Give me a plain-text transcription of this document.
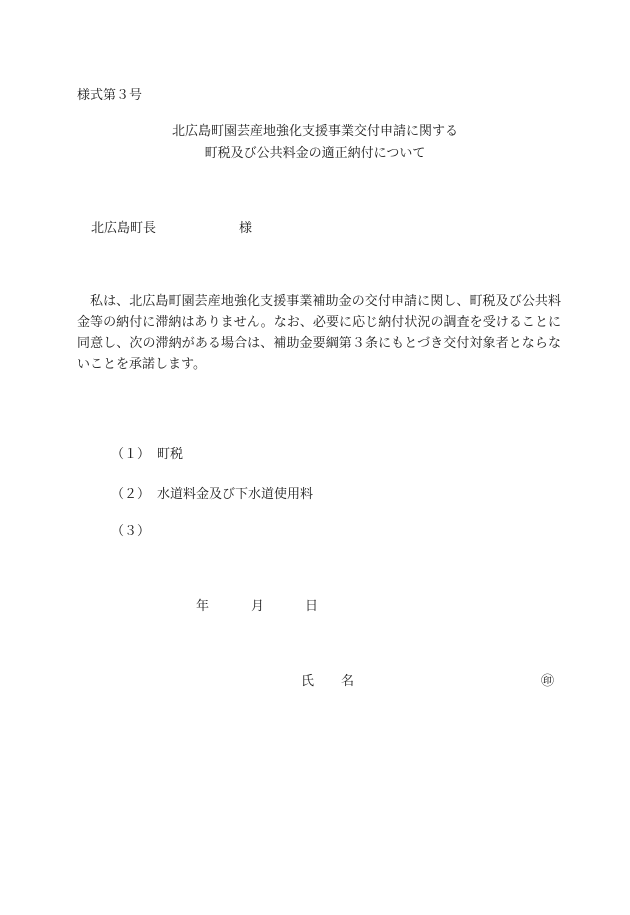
様式第３号
北広島町園芸産地強化支援事業交付申請に関する
町税及び公共料金の適正納付について
北広島町長	様
私は、北広島町園芸産地強化支援事業補助金の交付申請に関し、町税及び公共料金等の納付に滞納はありません。なお、必要に応じ納付状況の調査を受けることに同意し、次の滞納がある場合は、補助金要綱第３条にもとづき交付対象者とならないことを承諾します。
（１） 町税
（２） 水道料金及び下水道使用料
（３）
年	月	日
氏 名	㊞
